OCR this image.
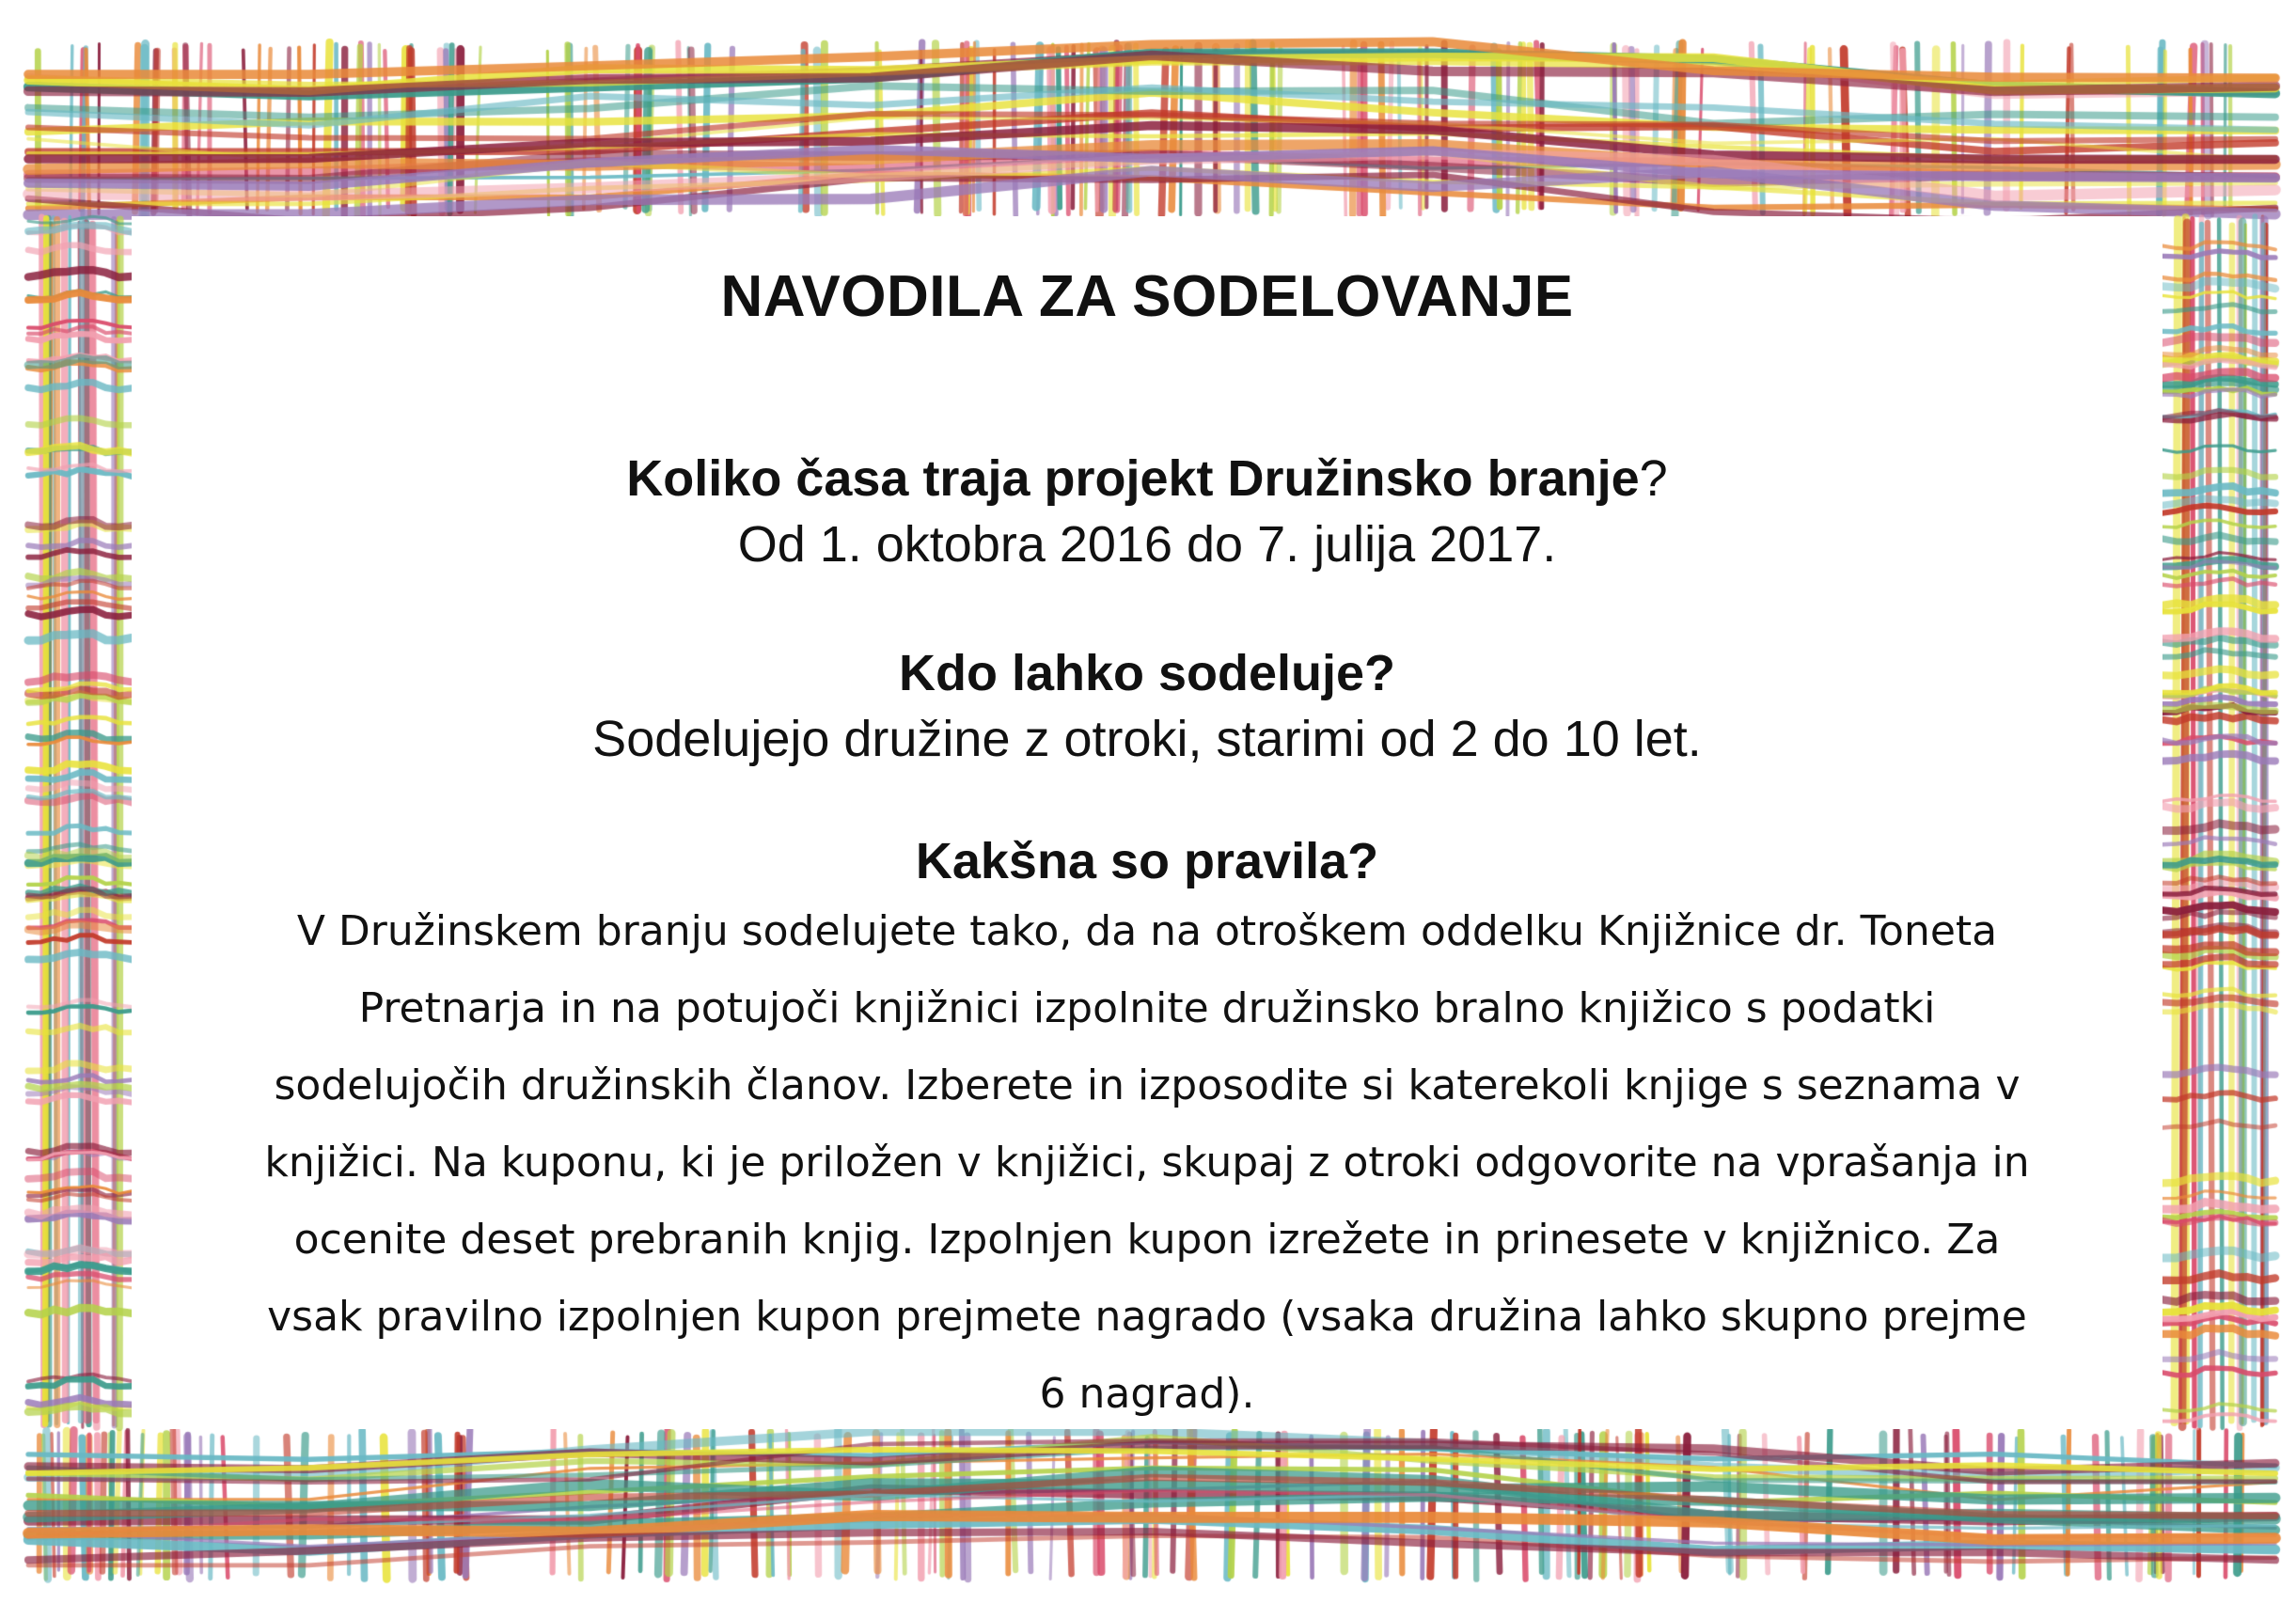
NAVODILA ZA SODELOVANJE

Koliko časa traja projekt Družinsko branje?

Od 1. oktobra 2016 do 7. julija 2017.

Kdo lahko sodeluje?

Sodelujejo družine z otroki, starimi od 2 do 10 let.

Kakšna so pravila?

V Družinskem branju sodelujete tako, da na otroškem oddelku Knjižnice dr. Toneta
Pretnarja in na potujoči knjižnici izpolnite družinsko bralno knjižico s podatki
sodelujočih družinskih članov. Izberete in izposodite si katerekoli knjige s seznama v
knjižici. Na kuponu, ki je priložen v knjižici, skupaj z otroki odgovorite na vprašanja in
ocenite deset prebranih knjig. Izpolnjen kupon izrežete in prinesete v knjižnico. Za
vsak pravilno izpolnjen kupon prejmete nagrado (vsaka družina lahko skupno prejme
6 nagrad).
